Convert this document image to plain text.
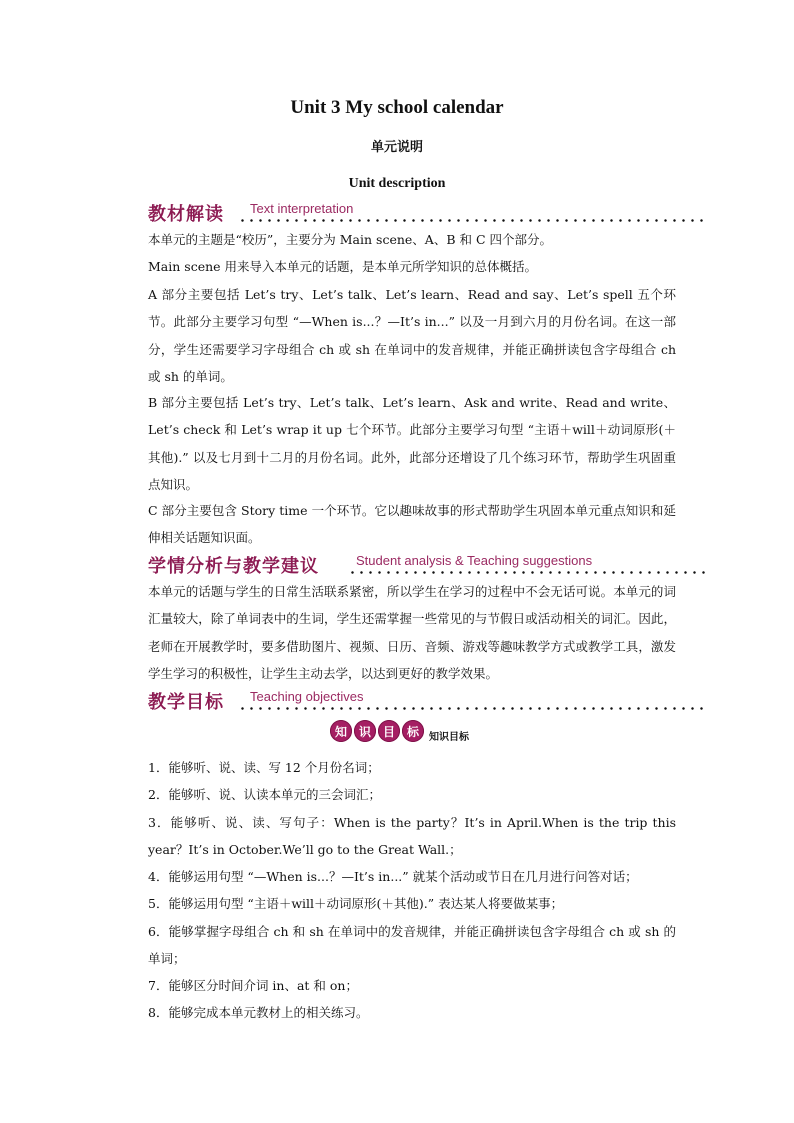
Unit 3 My school calendar
单元说明
Unit description
教材解读 Text interpretation
本单元的主题是“校历”，主要分为 Main scene、A、B 和 C 四个部分。
Main scene 用来导入本单元的话题，是本单元所学知识的总体概括。
A 部分主要包括 Let’s try、Let’s talk、Let’s learn、Read and say、Let’s spell 五个环节。此部分主要学习句型 “—When is...？—It’s in...” 以及一月到六月的月份名词。在这一部分，学生还需要学习字母组合 ch 或 sh 在单词中的发音规律，并能正确拼读包含字母组合 ch 或 sh 的单词。
B 部分主要包括 Let’s try、Let’s talk、Let’s learn、Ask and write、Read and write、Let’s check 和 Let’s wrap it up 七个环节。此部分主要学习句型 “主语＋will＋动词原形(＋其他).” 以及七月到十二月的月份名词。此外，此部分还增设了几个练习环节，帮助学生巩固重点知识。
C 部分主要包含 Story time 一个环节。它以趣味故事的形式帮助学生巩固本单元重点知识和延伸相关话题知识面。
学情分析与教学建议	Student analysis & Teaching suggestions
本单元的话题与学生的日常生活联系紧密，所以学生在学习的过程中不会无话可说。本单元的词汇量较大，除了单词表中的生词，学生还需掌握一些常见的与节假日或活动相关的词汇。因此，老师在开展教学时，要多借助图片、视频、日历、音频、游戏等趣味教学方式或教学工具，激发学生学习的积极性，让学生主动去学，以达到更好的教学效果。
教学目标 Teaching objectives
知 识 目 标	知识目标
1．能够听、说、读、写 12 个月份名词；
2．能够听、说、认读本单元的三会词汇；
3．能够听、说、读、写句子：When is the party？It’s in April.When is the trip this year？It’s in October.We’ll go to the Great Wall.；
4．能够运用句型 “—When is...？—It’s in...” 就某个活动或节日在几月进行问答对话；
5．能够运用句型 “主语＋will＋动词原形(＋其他).” 表达某人将要做某事；
6．能够掌握字母组合 ch 和 sh 在单词中的发音规律，并能正确拼读包含字母组合 ch 或 sh 的单词；
7．能够区分时间介词 in、at 和 on；
8．能够完成本单元教材上的相关练习。
